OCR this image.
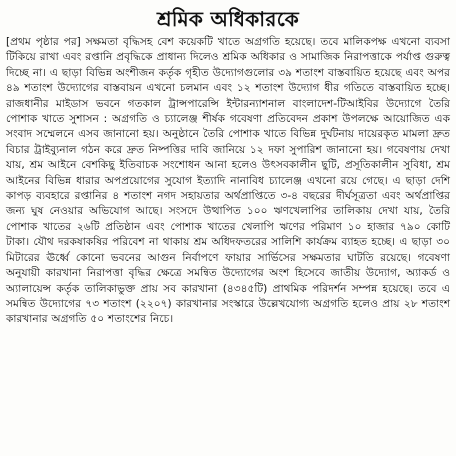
শ্রমিক অধিকারকে

[প্রথম পৃষ্ঠার পর] সক্ষমতা বৃদ্ধিসহ বেশ কয়েকটি খাতে অগ্রগতি হয়েছে। তবে মালিকপক্ষ এখনো ব্যবসা টিকিয়ে রাখা এবং রপ্তানি প্রবৃদ্ধিকে প্রাধান্য দিলেও শ্রমিক অধিকার ও সামাজিক নিরাপত্তাকে পর্যাপ্ত গুরুত্ব দিচ্ছে না। এ ছাড়া বিভিন্ন অংশীজন কর্তৃক গৃহীত উদ্যোগগুলোর ৩৯ শতাংশ বাস্তবায়িত হয়েছে এবং অপর ৪৯ শতাংশ উদ্যোগের বাস্তবায়ন এখনো চলমান এবং ১২ শতাংশ উদ্যোগ ধীর গতিতে বাস্তবায়িত হচ্ছে। রাজধানীর মাইডাস ভবনে গতকাল ট্রান্সপারেন্সি ইন্টারন্যাশনাল বাংলাদেশ-টিআইবির উদ্যোগে তৈরি পোশাক খাতে সুশাসন : অগ্রগতি ও চ্যালেঞ্জ শীর্ষক গবেষণা প্রতিবেদন প্রকাশ উপলক্ষে আয়োজিত এক সংবাদ সম্মেলনে এসব জানানো হয়। অনুষ্ঠানে তৈরি পোশাক খাতে বিভিন্ন দুর্ঘটনায় দায়েরকৃত মামলা দ্রুত বিচার ট্রাইব্যুনাল গঠন করে দ্রুত নিষ্পত্তির দাবি জানিয়ে ১২ দফা সুপারিশ জানানো হয়। গবেষণায় দেখা যায়, শ্রম আইনে বেশকিছু ইতিবাচক সংশোধন আনা হলেও উৎসবকালীন ছুটি, প্রসূতিকালীন সুবিধা, শ্রম আইনের বিভিন্ন ধারার অপপ্রয়োগের সুযোগ ইত্যাদি নানাবিধ চ্যালেঞ্জ এখনো রয়ে গেছে। এ ছাড়া দেশি কাপড় ব্যবহারে রপ্তানির ৪ শতাংশ নগদ সহায়তার অর্থপ্রাপ্তিতে ৩-৪ বছরের দীর্ঘসূত্রতা এবং অর্থপ্রাপ্তির জন্য ঘুষ নেওয়ার অভিযোগ আছে। সংসদে উত্থাপিত ১০০ ঋণখেলাপির তালিকায় দেখা যায়, তৈরি পোশাক খাতের ২৬টি প্রতিষ্ঠান এবং পোশাক খাতের খেলাপি ঋণের পরিমাণ ১০ হাজার ৭৯০ কোটি টাকা। যৌথ দরকষাকষির পরিবেশ না থাকায় শ্রম অধিদফতরের সালিশি কার্যক্রম ব্যাহত হচ্ছে। এ ছাড়া ৩০ মিটারের ঊর্ধ্বে কোনো ভবনের আগুন নির্বাপণে ফায়ার সার্ভিসের সক্ষমতার ঘাটতি রয়েছে। গবেষণা অনুযায়ী কারখানা নিরাপত্তা বৃদ্ধির ক্ষেত্রে সমন্বিত উদ্যোগের অংশ হিসেবে জাতীয় উদ্যোগ, অ্যাকর্ড ও অ্যালায়েন্স কর্তৃক তালিকাভুক্ত প্রায় সব কারখানা (৪৩৪৫টি) প্রাথমিক পরিদর্শন সম্পন্ন হয়েছে। তবে এ সমন্বিত উদ্যোগের ৭৩ শতাংশ (২২০৭) কারখানার সংস্কারে উল্লেখযোগ্য অগ্রগতি হলেও প্রায় ২৮ শতাংশ কারখানার অগ্রগতি ৫০ শতাংশের নিচে।
